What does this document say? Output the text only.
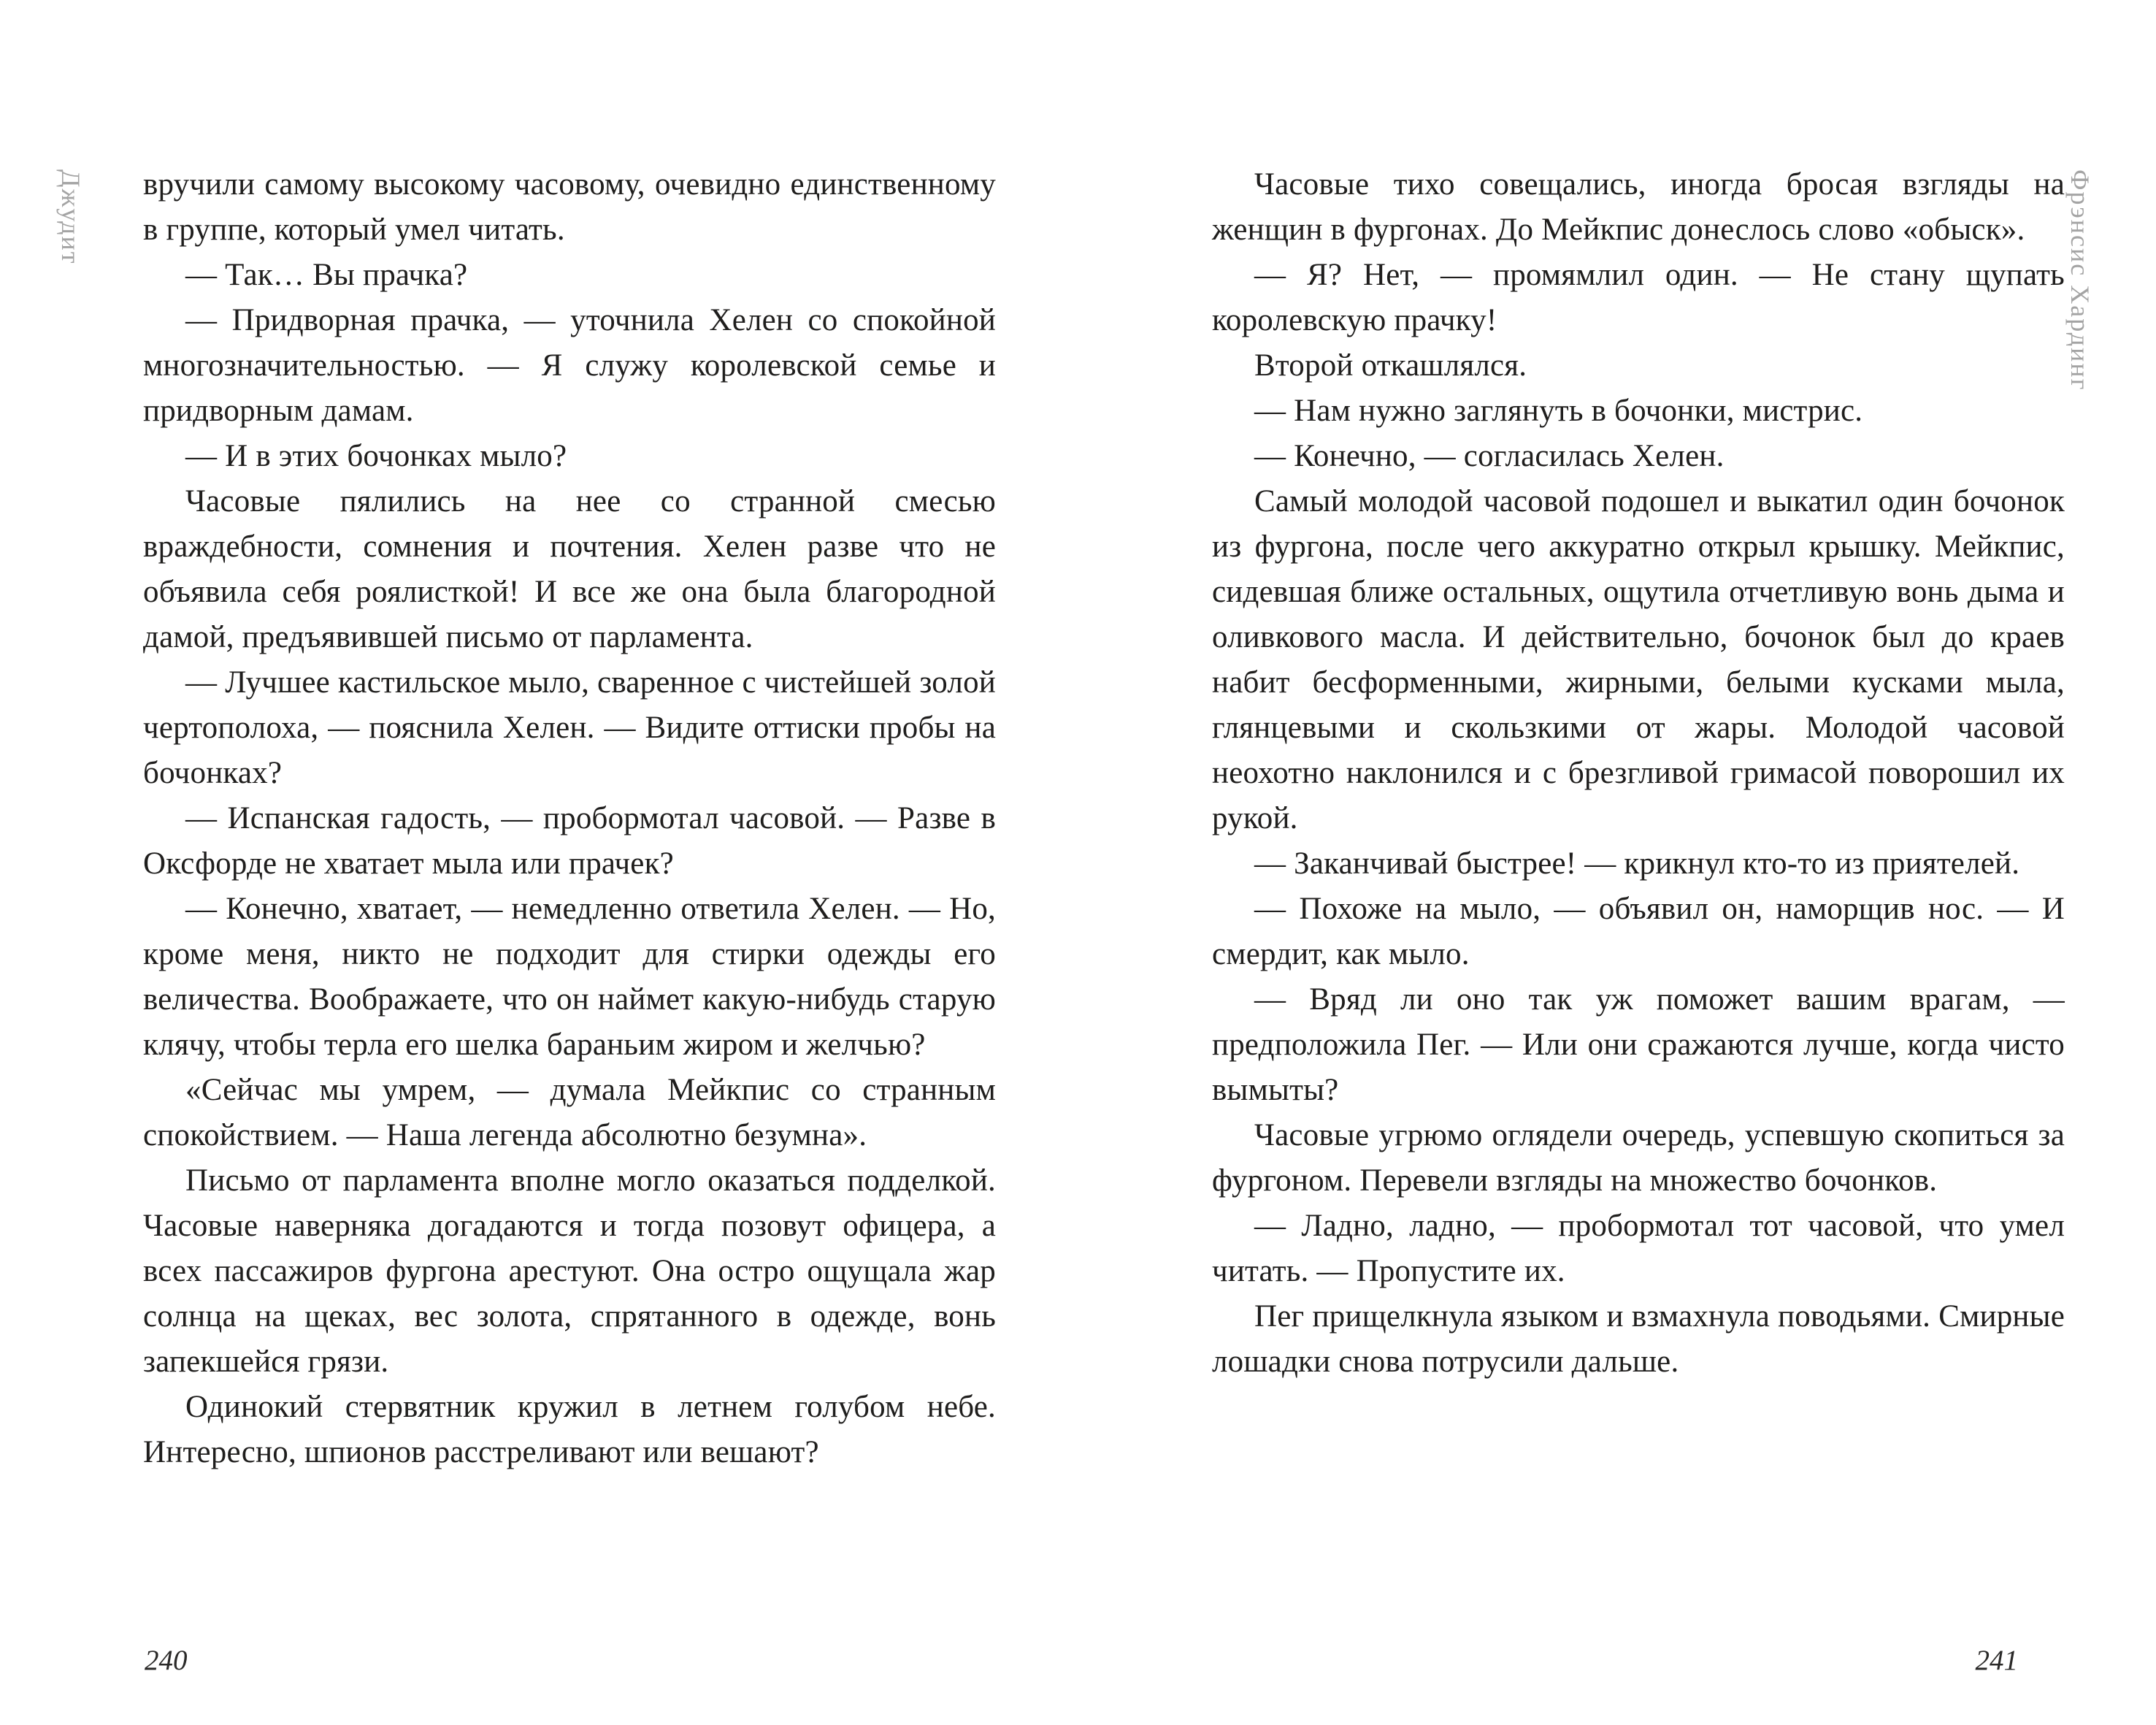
Джудит вручили самому высокому часовому, очевидно единственному в группе, который умел читать.

— Так… Вы прачка?

— Придворная прачка, — уточнила Хелен со спокойной многозначительностью. — Я служу королевской семье и придворным дамам.

— И в этих бочонках мыло?

Часовые пялились на нее со странной смесью враждебности, сомнения и почтения. Хелен разве что не объявила себя роялисткой! И все же она была благородной дамой, предъявившей письмо от парламента.

— Лучшее кастильское мыло, сваренное с чистейшей золой чертополоха, — пояснила Хелен. — Видите оттиски пробы на бочонках?

— Испанская гадость, — пробормотал часовой. — Разве в Оксфорде не хватает мыла или прачек?

— Конечно, хватает, — немедленно ответила Хелен. — Но, кроме меня, никто не подходит для стирки одежды его величества. Воображаете, что он наймет какую-нибудь старую клячу, чтобы терла его шелка бараньим жиром и желчью?

«Сейчас мы умрем, — думала Мейкпис со странным спокойствием. — Наша легенда абсолютно безумна».

Письмо от парламента вполне могло оказаться подделкой. Часовые наверняка догадаются и тогда позовут офицера, а всех пассажиров фургона арестуют. Она остро ощущала жар солнца на щеках, вес золота, спрятанного в одежде, вонь запекшейся грязи.

Одинокий стервятник кружил в летнем голубом небе. Интересно, шпионов расстреливают или вешают?

240
Фрэнсис Хардинг

Часовые тихо совещались, иногда бросая взгляды на женщин в фургонах. До Мейкпис донеслось слово «обыск».

— Я? Нет, — промямлил один. — Не стану щупать королевскую прачку!

Второй откашлялся.

— Нам нужно заглянуть в бочонки, мистрис.

— Конечно, — согласилась Хелен.

Самый молодой часовой подошел и выкатил один бочонок из фургона, после чего аккуратно открыл крышку. Мейкпис, сидевшая ближе остальных, ощутила отчетливую вонь дыма и оливкового масла. И действительно, бочонок был до краев набит бесформенными, жирными, белыми кусками мыла, глянцевыми и скользкими от жары. Молодой часовой неохотно наклонился и с брезгливой гримасой поворошил их рукой.

— Заканчивай быстрее! — крикнул кто-то из приятелей.

— Похоже на мыло, — объявил он, наморщив нос. — И смердит, как мыло.

— Вряд ли оно так уж поможет вашим врагам, — предположила Пег. — Или они сражаются лучше, когда чисто вымыты?

Часовые угрюмо оглядели очередь, успевшую скопиться за фургоном. Перевели взгляды на множество бочонков.

— Ладно, ладно, — пробормотал тот часовой, что умел читать. — Пропустите их.

Пег прищелкнула языком и взмахнула поводьями. Смирные лошадки снова потрусили дальше.

241
